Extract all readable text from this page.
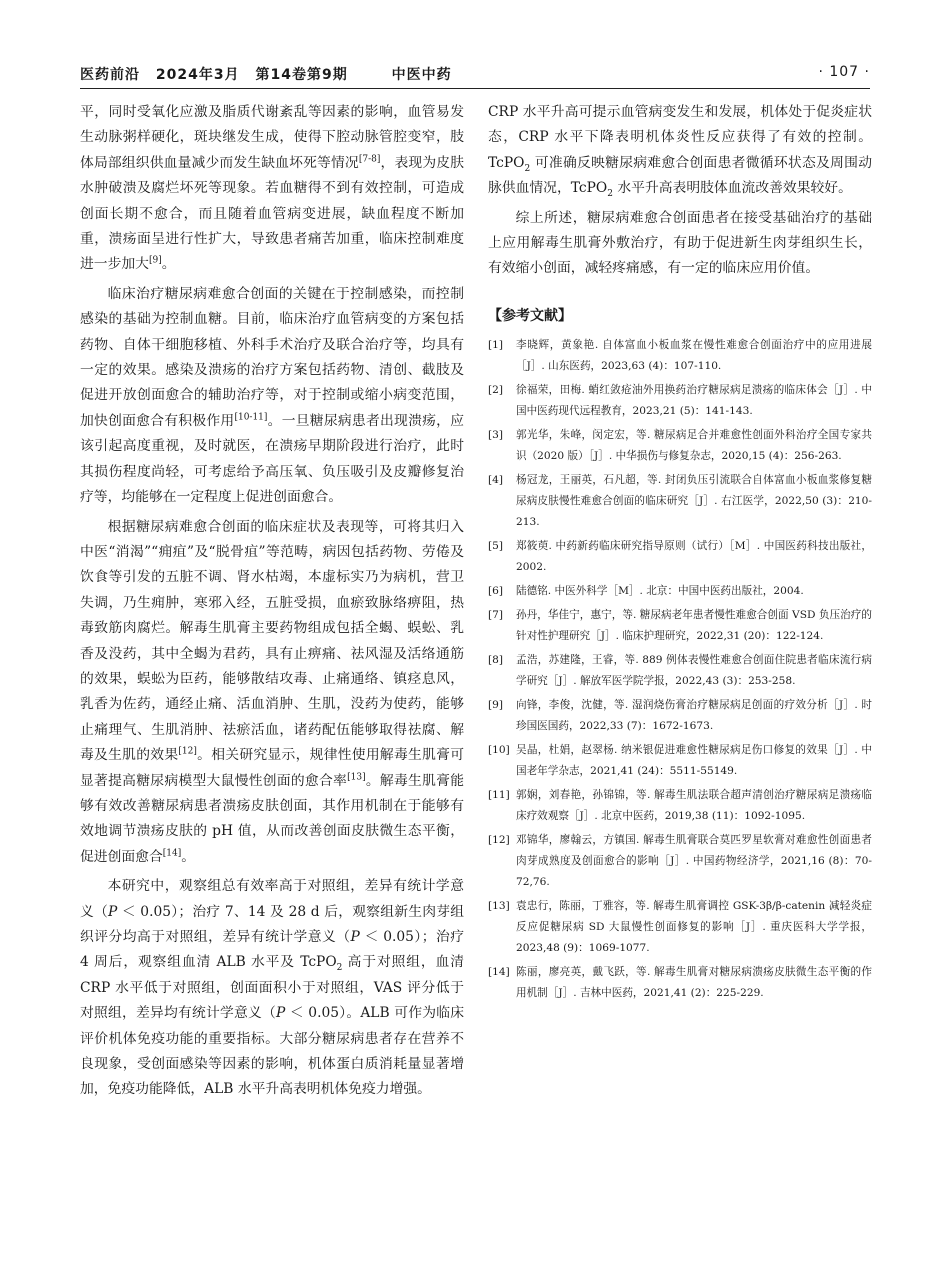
医药前沿 2024年3月 第14卷第9期	中医中药	· 107 ·

平，同时受氧化应激及脂质代谢紊乱等因素的影响，血管易发生动脉粥样硬化，斑块继发生成，使得下腔动脉管腔变窄，肢体局部组织供血量减少而发生缺血坏死等情况[7-8]，表现为皮肤水肿破溃及腐烂坏死等现象。若血糖得不到有效控制，可造成创面长期不愈合，而且随着血管病变进展，缺血程度不断加重，溃疡面呈进行性扩大，导致患者痛苦加重，临床控制难度进一步加大[9]。

临床治疗糖尿病难愈合创面的关键在于控制感染，而控制感染的基础为控制血糖。目前，临床治疗血管病变的方案包括药物、自体干细胞移植、外科手术治疗及联合治疗等，均具有一定的效果。感染及溃疡的治疗方案包括药物、清创、截肢及促进开放创面愈合的辅助治疗等，对于控制或缩小病变范围，加快创面愈合有积极作用[10-11]。一旦糖尿病患者出现溃疡，应该引起高度重视，及时就医，在溃疡早期阶段进行治疗，此时其损伤程度尚轻，可考虑给予高压氧、负压吸引及皮瓣修复治疗等，均能够在一定程度上促进创面愈合。

根据糖尿病难愈合创面的临床症状及表现等，可将其归入中医“消渴”“痈疽”及“脱骨疽”等范畴，病因包括药物、劳倦及饮食等引发的五脏不调、肾水枯竭，本虚标实乃为病机，营卫失调，乃生痈肿，寒邪入经，五脏受损，血瘀致脉络痹阻，热毒致筋肉腐烂。解毒生肌膏主要药物组成包括全蝎、蜈蚣、乳香及没药，其中全蝎为君药，具有止痹痛、祛风湿及活络通筋的效果，蜈蚣为臣药，能够散结攻毒、止痛通络、镇痉息风，乳香为佐药，通经止痛、活血消肿、生肌，没药为使药，能够止痛理气、生肌消肿、祛瘀活血，诸药配伍能够取得祛腐、解毒及生肌的效果[12]。相关研究显示，规律性使用解毒生肌膏可显著提高糖尿病模型大鼠慢性创面的愈合率[13]。解毒生肌膏能够有效改善糖尿病患者溃疡皮肤创面，其作用机制在于能够有效地调节溃疡皮肤的 pH 值，从而改善创面皮肤微生态平衡，促进创面愈合[14]。

本研究中，观察组总有效率高于对照组，差异有统计学意义（P ＜ 0.05）；治疗 7、14 及 28 d 后，观察组新生肉芽组织评分均高于对照组，差异有统计学意义（P ＜ 0.05）；治疗 4 周后，观察组血清 ALB 水平及 TcPO$_2$ 高于对照组，血清 CRP 水平低于对照组，创面面积小于对照组，VAS 评分低于对照组，差异均有统计学意义（P ＜ 0.05）。ALB 可作为临床评价机体免疫功能的重要指标。大部分糖尿病患者存在营养不良现象，受创面感染等因素的影响，机体蛋白质消耗量显著增加，免疫功能降低，ALB 水平升高表明机体免疫力增强。

CRP 水平升高可提示血管病变发生和发展，机体处于促炎症状态，CRP 水平下降表明机体炎性反应获得了有效的控制。TcPO$_2$ 可准确反映糖尿病难愈合创面患者微循环状态及周围动脉供血情况，TcPO$_2$ 水平升高表明肢体血流改善效果较好。

综上所述，糖尿病难愈合创面患者在接受基础治疗的基础上应用解毒生肌膏外敷治疗，有助于促进新生肉芽组织生长，有效缩小创面，减轻疼痛感，有一定的临床应用价值。

【参考文献】
[1] 李晓辉，黄象艳. 自体富血小板血浆在慢性难愈合创面治疗中的应用进展［J］. 山东医药，2023,63 (4)：107-110.
[2] 徐福荣，田梅. 蛸红敛疮油外用换药治疗糖尿病足溃疡的临床体会［J］. 中国中医药现代远程教育，2023,21 (5)：141-143.
[3] 郭光华，朱峰，闵定宏，等. 糖尿病足合并难愈性创面外科治疗全国专家共识（2020 版）［J］. 中华损伤与修复杂志，2020,15 (4)：256-263.
[4] 杨冠龙，王丽英，石凡超，等. 封闭负压引流联合自体富血小板血浆修复糖尿病皮肤慢性难愈合创面的临床研究［J］. 右江医学，2022,50 (3)：210-213.
[5] 郑筱萸. 中药新药临床研究指导原则（试行）［M］. 中国医药科技出版社，2002.
[6] 陆德铭. 中医外科学［M］. 北京：中国中医药出版社，2004.
[7] 孙丹，华佳宁，惠宁，等. 糖尿病老年患者慢性难愈合创面 VSD 负压治疗的针对性护理研究［J］. 临床护理研究，2022,31 (20)：122-124.
[8] 孟浩，苏建隆，王睿，等. 889 例体表慢性难愈合创面住院患者临床流行病学研究［J］. 解放军医学院学报，2022,43 (3)：253-258.
[9] 向锋，李俊，沈健，等. 湿润烧伤膏治疗糖尿病足创面的疗效分析［J］. 时珍国医国药，2022,33 (7)：1672-1673.
[10] 吴晶，杜娟，赵翠杨. 纳米银促进难愈性糖尿病足伤口修复的效果［J］. 中国老年学杂志，2021,41 (24)：5511-55149.
[11] 郭娴，刘春艳，孙锦锦，等. 解毒生肌法联合超声清创治疗糖尿病足溃疡临床疗效观察［J］. 北京中医药，2019,38 (11)：1092-1095.
[12] 邓锦华，廖翰云，方镇国. 解毒生肌膏联合莫匹罗星软膏对难愈性创面患者肉芽成熟度及创面愈合的影响［J］. 中国药物经济学，2021,16 (8)：70-72,76.
[13] 袁忠行，陈丽，丁雅容，等. 解毒生肌膏调控 GSK-3β/β-catenin 减轻炎症反应促糖尿病 SD 大鼠慢性创面修复的影响［J］. 重庆医科大学学报，2023,48 (9)：1069-1077.
[14] 陈丽，廖亮英，戴飞跃，等. 解毒生肌膏对糖尿病溃疡皮肤微生态平衡的作用机制［J］. 吉林中医药，2021,41 (2)：225-229.
